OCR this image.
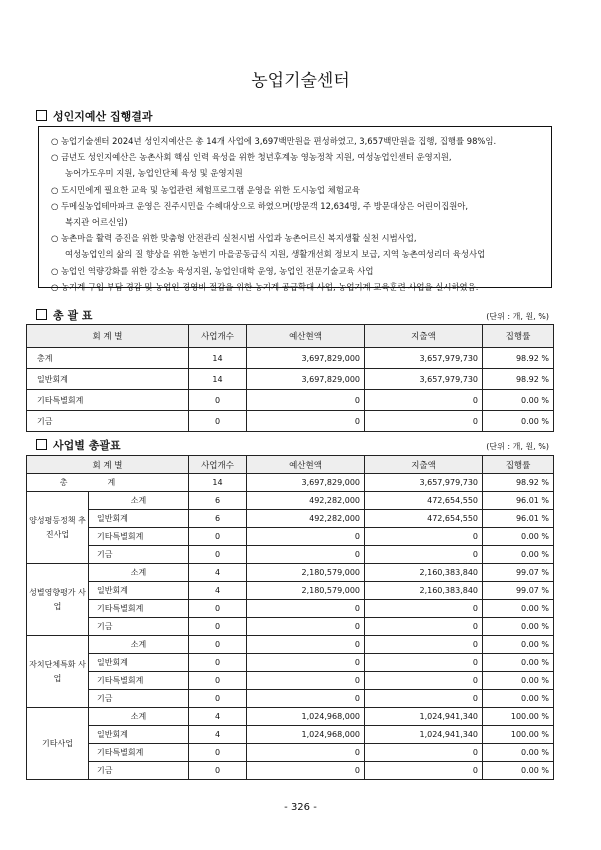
농업기술센터
성인지예산 집행결과
○ 농업기술센터 2024년 성인지예산은 총 14개 사업에 3,697백만원을 편성하였고, 3,657백만원을 집행, 집행률 98%임.
○ 금년도 성인지예산은 농촌사회 핵심 인력 육성을 위한 청년후계농 영농정착 지원, 여성농업인센터 운영지원,
농어가도우미 지원, 농업인단체 육성 및 운영지원
○ 도시민에게 필요한 교육 및 농업관련 체험프로그램 운영을 위한 도시농업 체험교육
○ 두메실농업테마파크 운영은 진주시민을 수혜대상으로 하였으며(방문객 12,634명, 주 방문대상은 어린이집원아,
복지관 어르신임)
○ 농촌마을 활력 증진을 위한 맞춤형 안전관리 실천시범 사업과 농촌어르신 복지생활 실천 시범사업,
여성농업인의 삶의 질 향상을 위한 농번기 마을공동급식 지원, 생활개선회 정보지 보급, 지역 농촌여성리더 육성사업
○ 농업인 역량강화를 위한 강소농 육성지원, 농업인대학 운영, 농업인 전문기술교육 사업
○ 농기계 구입 부담 경감 및 농업인 경영비 절감을 위한 농기계 공급확대 사업, 농업기계 교육훈련 사업을 실시하였음.
총 괄 표	(단위 : 개, 원, %)
회 계 별	사업개수	예산현액	지출액	집행률
총계	14	3,697,829,000	3,657,979,730	98.92 %
일반회계	14	3,697,829,000	3,657,979,730	98.92 %
기타특별회계	0	0	0	0.00 %
기금	0	0	0	0.00 %
사업별 총괄표	(단위 : 개, 원, %)
회 계 별		사업개수	예산현액	지출액	집행률
총계		14	3,697,829,000	3,657,979,730	98.92 %
양성평등정책 추진사업	소계	6	492,282,000	472,654,550	96.01 %
	일반회계	6	492,282,000	472,654,550	96.01 %
	기타특별회계	0	0	0	0.00 %
	기금	0	0	0	0.00 %
성별영향평가 사업	소계	4	2,180,579,000	2,160,383,840	99.07 %
	일반회계	4	2,180,579,000	2,160,383,840	99.07 %
	기타특별회계	0	0	0	0.00 %
	기금	0	0	0	0.00 %
자치단체특화 사업	소계	0	0	0	0.00 %
	일반회계	0	0	0	0.00 %
	기타특별회계	0	0	0	0.00 %
	기금	0	0	0	0.00 %
기타사업	소계	4	1,024,968,000	1,024,941,340	100.00 %
	일반회계	4	1,024,968,000	1,024,941,340	100.00 %
	기타특별회계	0	0	0	0.00 %
	기금	0	0	0	0.00 %
- 326 -
